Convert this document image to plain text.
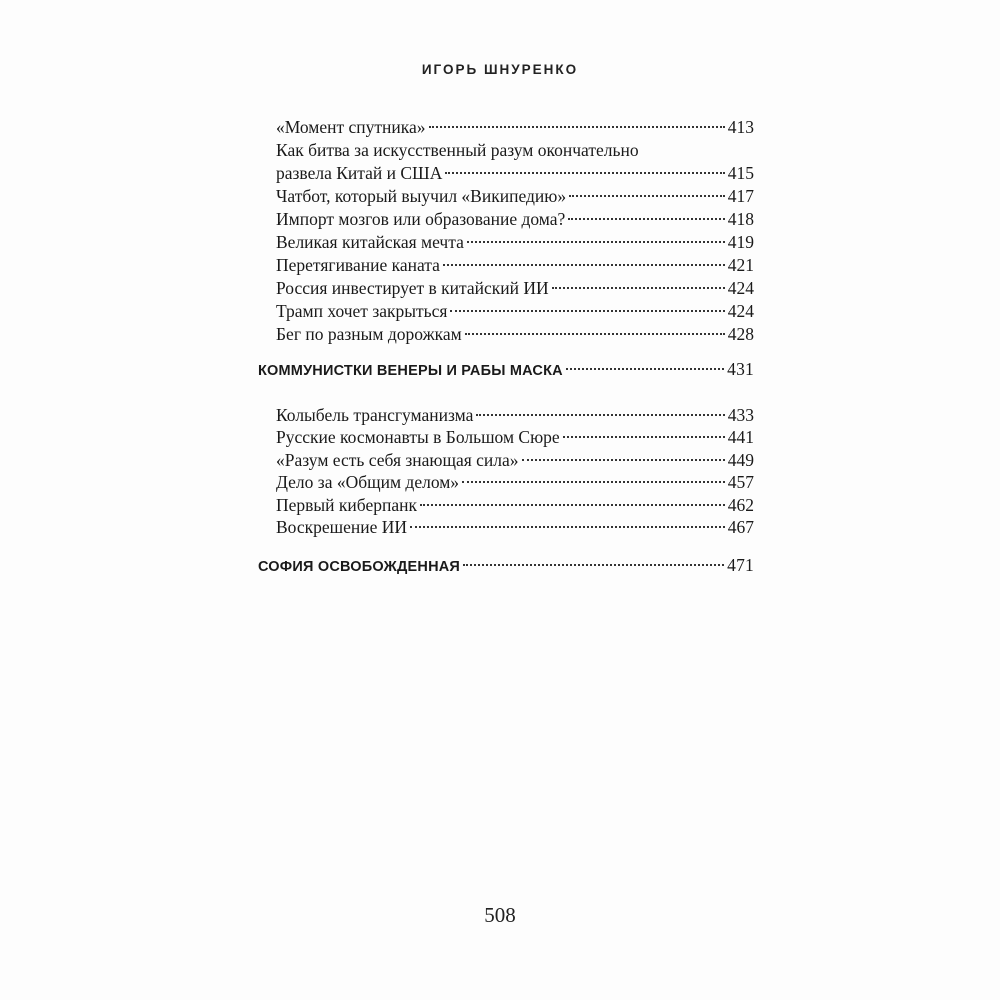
ИГОРЬ ШНУРЕНКО
«Момент спутника»	413
Как битва за искусственный разум окончательно
развела Китай и США	415
Чатбот, который выучил «Википедию»	417
Импорт мозгов или образование дома?	418
Великая китайская мечта	419
Перетягивание каната	421
Россия инвестирует в китайский ИИ	424
Трамп хочет закрыться	424
Бег по разным дорожкам	428
КОММУНИСТКИ ВЕНЕРЫ И РАБЫ МАСКА	431
Колыбель трансгуманизма	433
Русские космонавты в Большом Сюре	441
«Разум есть себя знающая сила»	449
Дело за «Общим делом»	457
Первый киберпанк	462
Воскрешение ИИ	467
СОФИЯ ОСВОБОЖДЕННАЯ	471
508
